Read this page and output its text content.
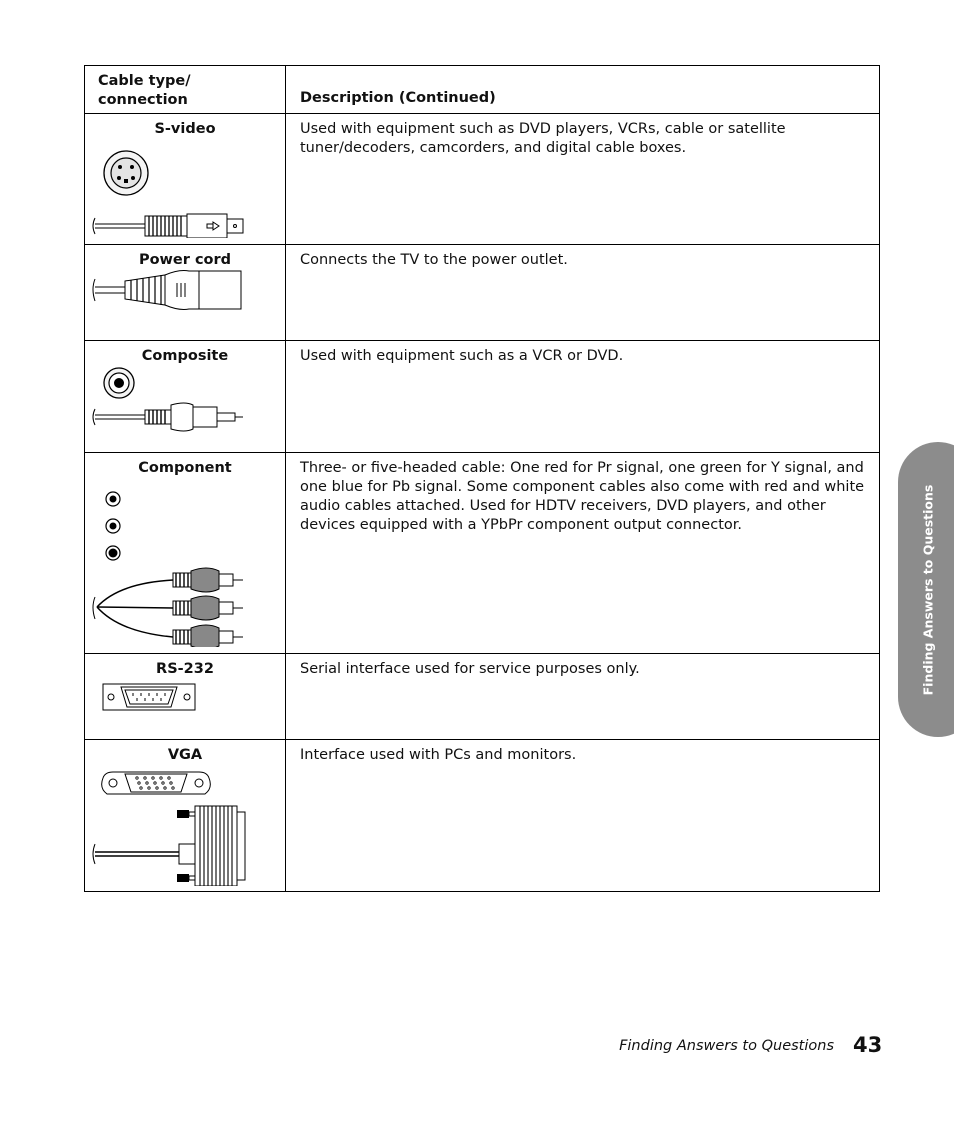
Cable type/ connection	Description (Continued)

S-video	Used with equipment such as DVD players, VCRs, cable or satellite tuner/decoders, camcorders, and digital cable boxes.

Power cord	Connects the TV to the power outlet.

Composite	Used with equipment such as a VCR or DVD.

Component	Three- or five-headed cable: One red for Pr signal, one green for Y signal, and one blue for Pb signal. Some component cables also come with red and white audio cables attached. Used for HDTV receivers, DVD players, and other devices equipped with a YPbPr component output connector.

RS-232	Serial interface used for service purposes only.

VGA	Interface used with PCs and monitors.
Finding Answers to Questions
Finding Answers to Questions 43
